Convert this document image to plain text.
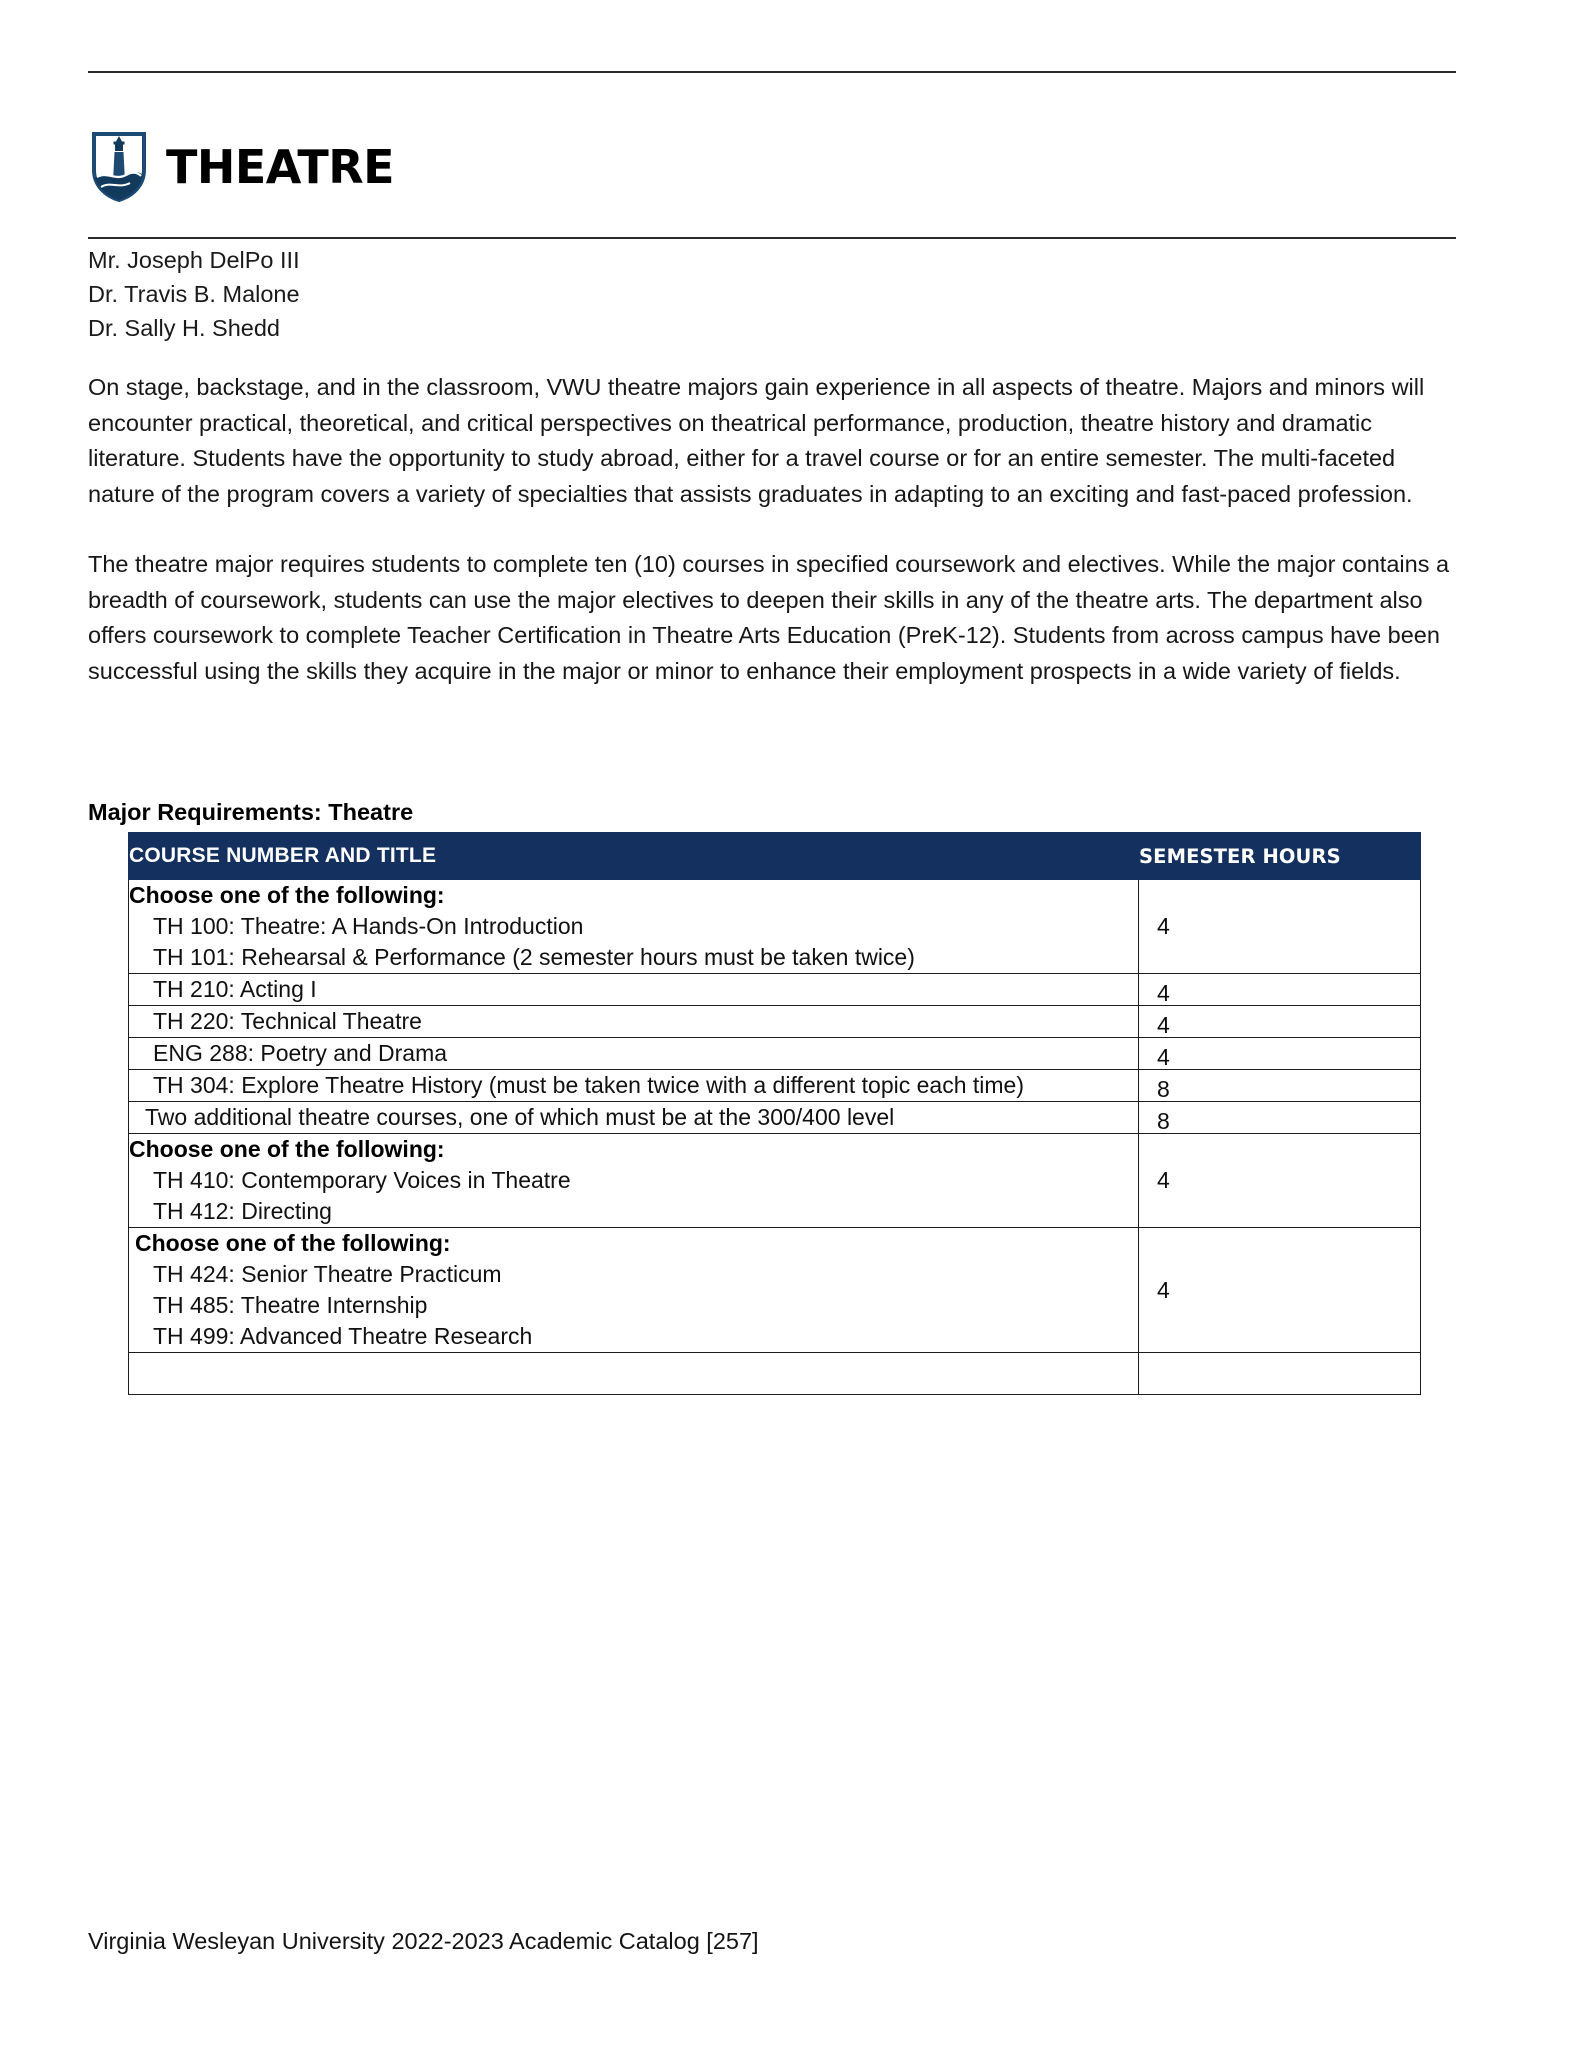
THEATRE
Mr. Joseph DelPo III
Dr. Travis B. Malone
Dr. Sally H. Shedd

On stage, backstage, and in the classroom, VWU theatre majors gain experience in all aspects of theatre. Majors and minors will encounter practical, theoretical, and critical perspectives on theatrical performance, production, theatre history and dramatic literature. Students have the opportunity to study abroad, either for a travel course or for an entire semester. The multi-faceted nature of the program covers a variety of specialties that assists graduates in adapting to an exciting and fast-paced profession.

The theatre major requires students to complete ten (10) courses in specified coursework and electives. While the major contains a breadth of coursework, students can use the major electives to deepen their skills in any of the theatre arts. The department also offers coursework to complete Teacher Certification in Theatre Arts Education (PreK-12). Students from across campus have been successful using the skills they acquire in the major or minor to enhance their employment prospects in a wide variety of fields.

Major Requirements: Theatre
COURSE NUMBER AND TITLE	SEMESTER HOURS

Choose one of the following:
TH 100: Theatre: A Hands-On Introduction
TH 101: Rehearsal & Performance (2 semester hours must be taken twice)	4

TH 210: Acting I	4

TH 220: Technical Theatre	4

ENG 288: Poetry and Drama	4

TH 304: Explore Theatre History (must be taken twice with a different topic each time)	8

Two additional theatre courses, one of which must be at the 300/400 level	8

Choose one of the following:
TH 410: Contemporary Voices in Theatre
TH 412: Directing	4

Choose one of the following:
TH 424: Senior Theatre Practicum
TH 485: Theatre Internship
TH 499: Advanced Theatre Research	4

TOTAL HOURS REQUIRED:	40
Virginia Wesleyan University 2022-2023 Academic Catalog [257]
